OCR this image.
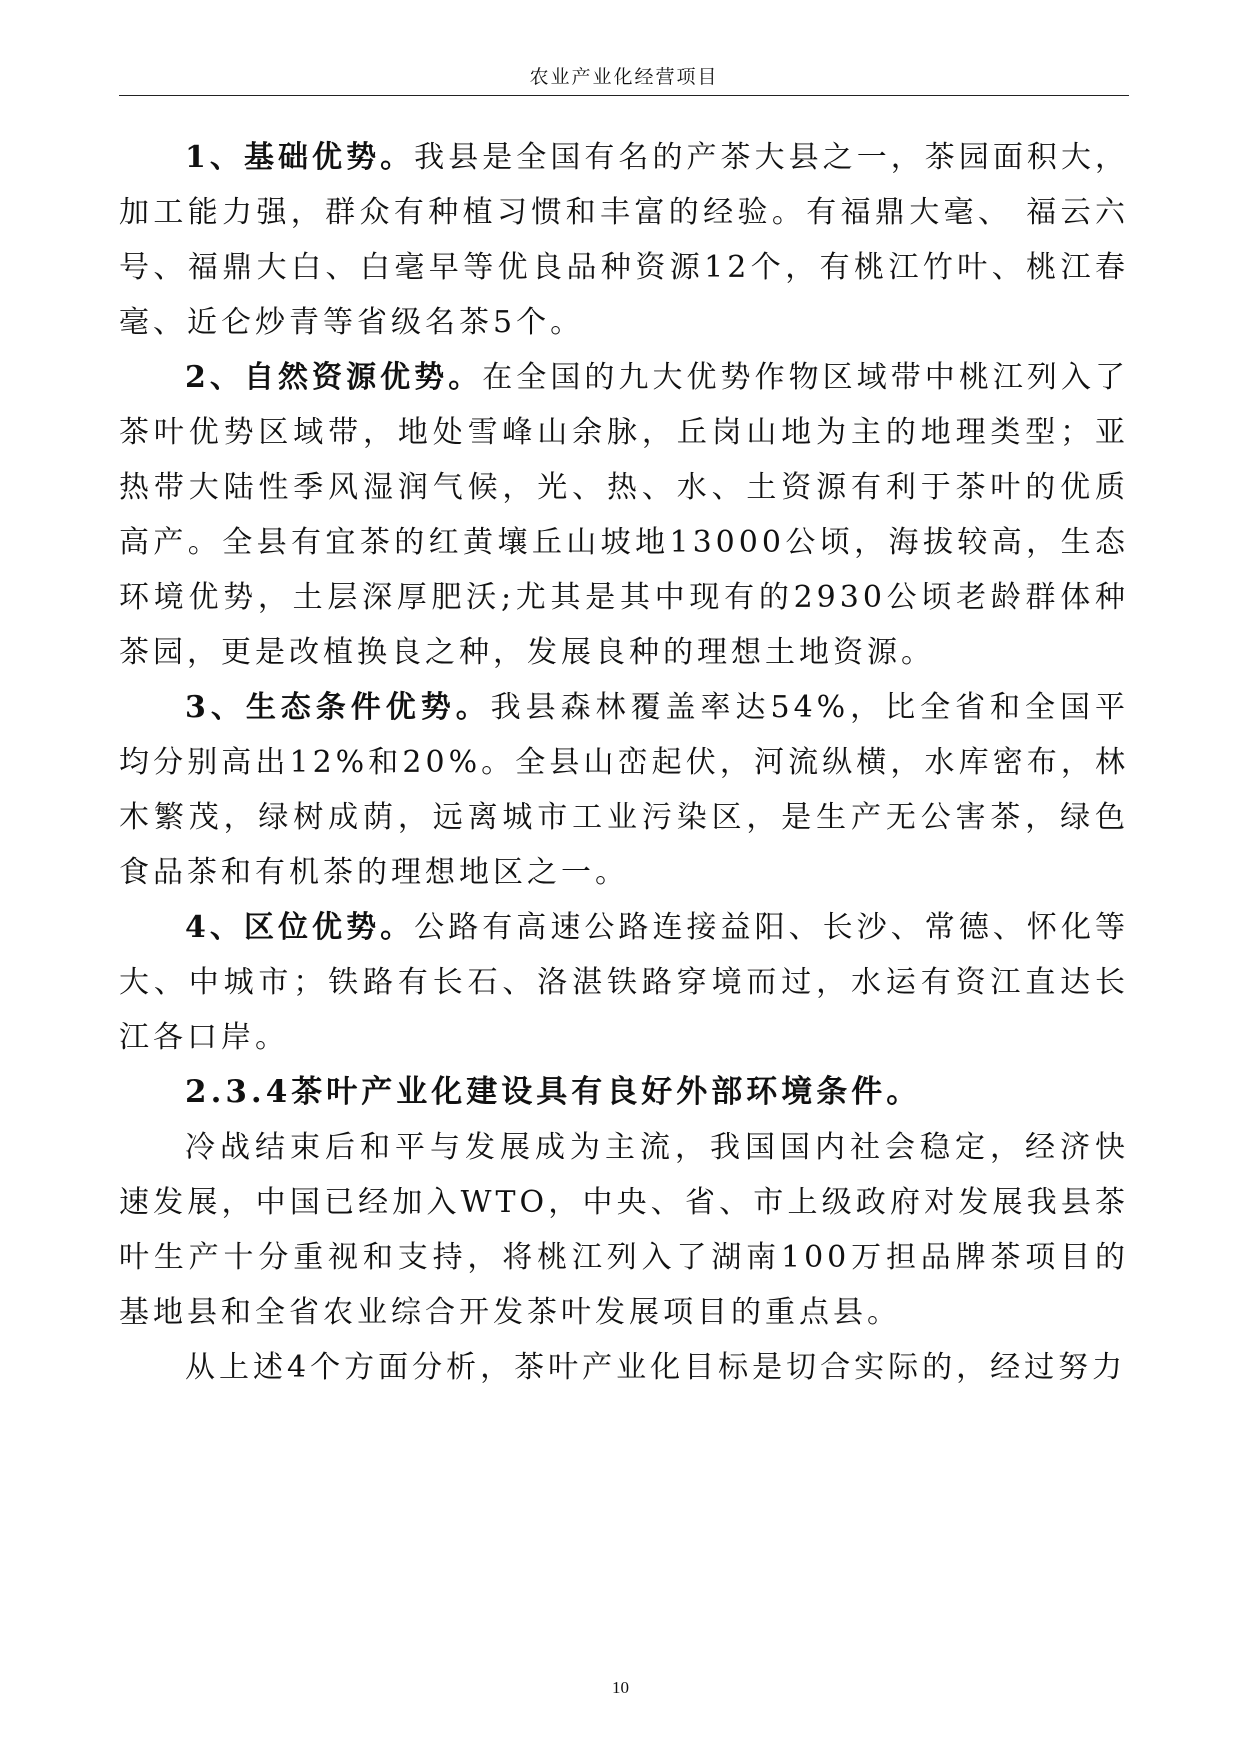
农业产业化经营项目

1、基础优势。我县是全国有名的产茶大县之一，茶园面积大，加工能力强，群众有种植习惯和丰富的经验。有福鼎大毫、 福云六号、福鼎大白、白毫早等优良品种资源12个，有桃江竹叶、桃江春毫、近仑炒青等省级名茶5个。

2、自然资源优势。在全国的九大优势作物区域带中桃江列入了茶叶优势区域带，地处雪峰山余脉，丘岗山地为主的地理类型；亚热带大陆性季风湿润气候，光、热、水、土资源有利于茶叶的优质高产。全县有宜茶的红黄壤丘山坡地13000公顷，海拔较高，生态环境优势，土层深厚肥沃;尤其是其中现有的2930公顷老龄群体种茶园，更是改植换良之种，发展良种的理想土地资源。

3、生态条件优势。我县森林覆盖率达54%，比全省和全国平均分别高出12%和20%。全县山峦起伏，河流纵横，水库密布，林木繁茂，绿树成荫，远离城市工业污染区，是生产无公害茶，绿色食品茶和有机茶的理想地区之一。

4、区位优势。公路有高速公路连接益阳、长沙、常德、怀化等大、中城市；铁路有长石、洛湛铁路穿境而过，水运有资江直达长江各口岸。

2.3.4茶叶产业化建设具有良好外部环境条件。

冷战结束后和平与发展成为主流，我国国内社会稳定，经济快速发展，中国已经加入WTO，中央、省、市上级政府对发展我县茶叶生产十分重视和支持，将桃江列入了湖南100万担品牌茶项目的基地县和全省农业综合开发茶叶发展项目的重点县。

从上述4个方面分析，茶叶产业化目标是切合实际的，经过努力

10
